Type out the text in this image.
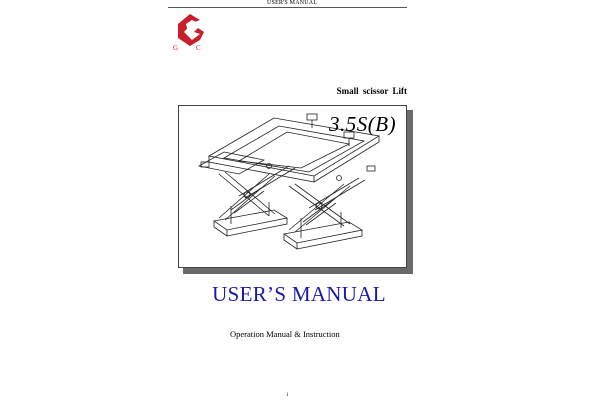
USER'S MANUAL
G	C
Small scissor Lift
3.5S(B)
USER’S MANUAL
Operation Manual & Instruction
1
